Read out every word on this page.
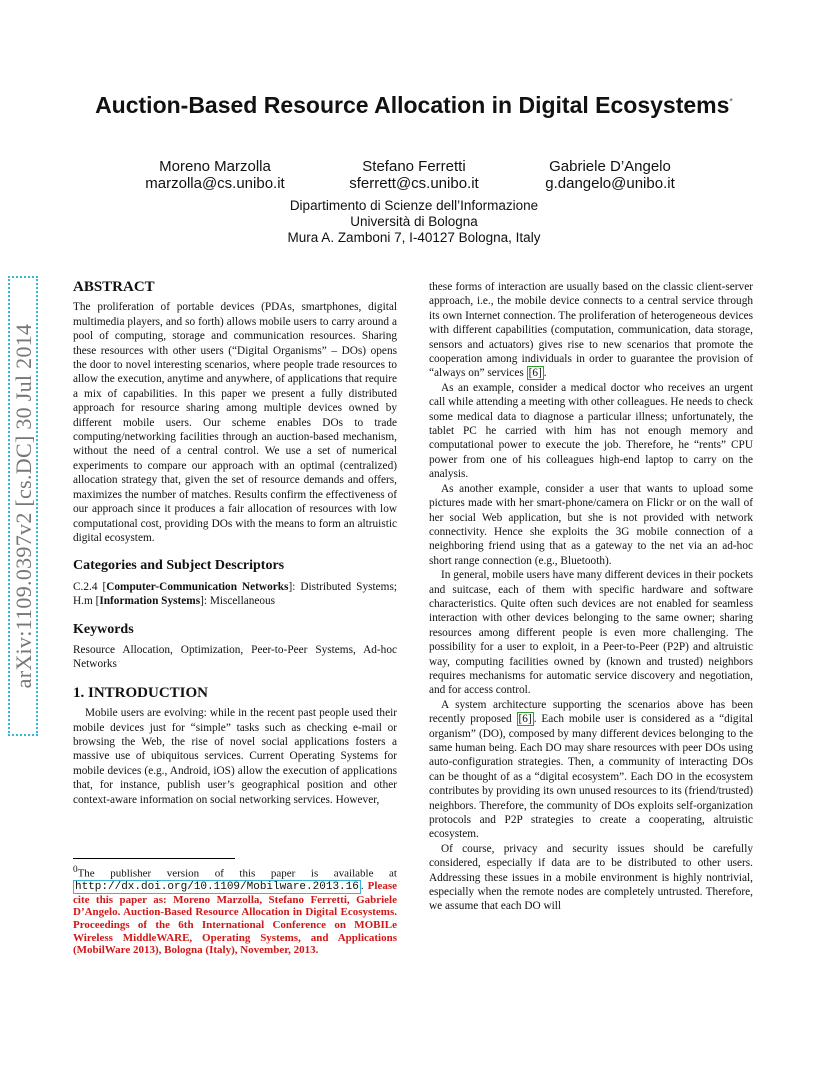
Auction-Based Resource Allocation in Digital Ecosystems*
Moreno Marzolla
marzolla@cs.unibo.it
Stefano Ferretti
sferrett@cs.unibo.it
Gabriele D’Angelo
g.dangelo@unibo.it
Dipartimento di Scienze dell’Informazione
Università di Bologna
Mura A. Zamboni 7, I-40127 Bologna, Italy
arXiv:1109.0397v2 [cs.DC] 30 Jul 2014
ABSTRACT

The proliferation of portable devices (PDAs, smartphones, digital multimedia players, and so forth) allows mobile users to carry around a pool of computing, storage and communication resources. Sharing these resources with other users (“Digital Organisms” – DOs) opens the door to novel interesting scenarios, where people trade resources to allow the execution, anytime and anywhere, of applications that require a mix of capabilities. In this paper we present a fully distributed approach for resource sharing among multiple devices owned by different mobile users. Our scheme enables DOs to trade computing/networking facilities through an auction-based mechanism, without the need of a central control. We use a set of numerical experiments to compare our approach with an optimal (centralized) allocation strategy that, given the set of resource demands and offers, maximizes the number of matches. Results confirm the effectiveness of our approach since it produces a fair allocation of resources with low computational cost, providing DOs with the means to form an altruistic digital ecosystem.

Categories and Subject Descriptors

C.2.4 [Computer-Communication Networks]: Distributed Systems; H.m [Information Systems]: Miscellaneous

Keywords

Resource Allocation, Optimization, Peer-to-Peer Systems, Ad-hoc Networks

1. INTRODUCTION

Mobile users are evolving: while in the recent past people used their mobile devices just for “simple” tasks such as checking e-mail or browsing the Web, the rise of novel social applications fosters a massive use of ubiquitous services. Current Operating Systems for mobile devices (e.g., Android, iOS) allow the execution of applications that, for instance, publish user’s geographical position and other context-aware information on social networking services. However,

$^0$The publisher version of this paper is available at http://dx.doi.org/10.1109/Mobilware.2013.16 . Please cite this paper as: Moreno Marzolla, Stefano Ferretti, Gabriele D’Angelo. Auction-Based Resource Allocation in Digital Ecosystems. Proceedings of the 6th International Conference on MOBILe Wireless MiddleWARE, Operating Systems, and Applications (MobilWare 2013), Bologna (Italy), November, 2013.

these forms of interaction are usually based on the classic client-server approach, i.e., the mobile device connects to a central service through its own Internet connection. The proliferation of heterogeneous devices with different capabilities (computation, communication, data storage, sensors and actuators) gives rise to new scenarios that promote the cooperation among individuals in order to guarantee the provision of “always on” services [6] .

As an example, consider a medical doctor who receives an urgent call while attending a meeting with other colleagues. He needs to check some medical data to diagnose a particular illness; unfortunately, the tablet PC he carried with him has not enough memory and computational power to execute the job. Therefore, he “rents” CPU power from one of his colleagues high-end laptop to carry on the analysis.

As another example, consider a user that wants to upload some pictures made with her smart-phone/camera on Flickr or on the wall of her social Web application, but she is not provided with network connectivity. Hence she exploits the 3G mobile connection of a neighboring friend using that as a gateway to the net via an ad-hoc short range connection (e.g., Bluetooth).

In general, mobile users have many different devices in their pockets and suitcase, each of them with specific hardware and software characteristics. Quite often such devices are not enabled for seamless interaction with other devices belonging to the same owner; sharing resources among different people is even more challenging. The possibility for a user to exploit, in a Peer-to-Peer (P2P) and altruistic way, computing facilities owned by (known and trusted) neighbors requires mechanisms for automatic service discovery and negotiation, and for access control.

A system architecture supporting the scenarios above has been recently proposed [6] . Each mobile user is considered as a “digital organism” (DO), composed by many different devices belonging to the same human being. Each DO may share resources with peer DOs using auto-configuration strategies. Then, a community of interacting DOs can be thought of as a “digital ecosystem”. Each DO in the ecosystem contributes by providing its own unused resources to its (friend/trusted) neighbors. Therefore, the community of DOs exploits self-organization protocols and P2P strategies to create a cooperating, altruistic ecosystem.

Of course, privacy and security issues should be carefully considered, especially if data are to be distributed to other users. Addressing these issues in a mobile environment is highly nontrivial, especially when the remote nodes are completely untrusted. Therefore, we assume that each DO will
